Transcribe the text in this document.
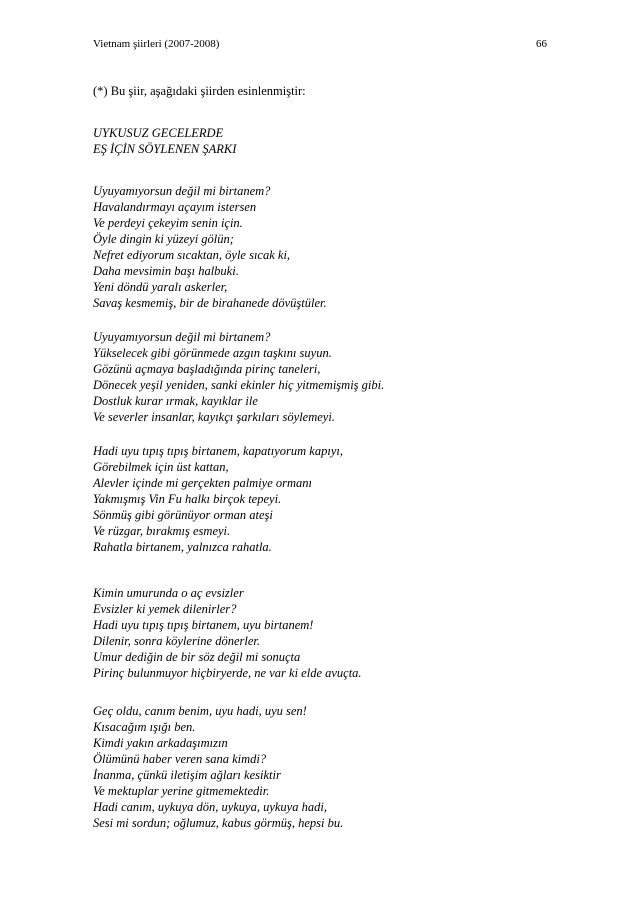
Vietnam şiirleri (2007-2008)	66
(*) Bu şiir, aşağıdaki şiirden esinlenmiştir:
UYKUSUZ GECELERDE
EŞ İÇİN SÖYLENEN ŞARKI
Uyuyamıyorsun değil mi birtanem?
Havalandırmayı açayım istersen
Ve perdeyi çekeyim senin için.
Öyle dingin ki yüzeyi gölün;
Nefret ediyorum sıcaktan, öyle sıcak ki,
Daha mevsimin başı halbuki.
Yeni döndü yaralı askerler,
Savaş kesmemiş, bir de birahanede dövüştüler.
Uyuyamıyorsun değil mi birtanem?
Yükselecek gibi görünmede azgın taşkını suyun.
Gözünü açmaya başladığında pirinç taneleri,
Dönecek yeşil yeniden, sanki ekinler hiç yitmemişmiş gibi.
Dostluk kurar ırmak, kayıklar ile
Ve severler insanlar, kayıkçı şarkıları söylemeyi.
Hadi uyu tıpış tıpış birtanem, kapatıyorum kapıyı,
Görebilmek için üst kattan,
Alevler içinde mi gerçekten palmiye ormanı
Yakmışmış Vin Fu halkı birçok tepeyi.
Sönmüş gibi görünüyor orman ateşi
Ve rüzgar, bırakmış esmeyi.
Rahatla birtanem, yalnızca rahatla.
Kimin umurunda o aç evsizler
Evsizler ki yemek dilenirler?
Hadi uyu tıpış tıpış birtanem, uyu birtanem!
Dilenir, sonra köylerine dönerler.
Umur dediğin de bir söz değil mi sonuçta
Pirinç bulunmuyor hiçbiryerde, ne var ki elde avuçta.
Geç oldu, canım benim, uyu hadi, uyu sen!
Kısacağım ışığı ben.
Kimdi yakın arkadaşımızın
Ölümünü haber veren sana kimdi?
İnanma, çünkü iletişim ağları kesiktir
Ve mektuplar yerine gitmemektedir.
Hadi canım, uykuya dön, uykuya, uykuya hadi,
Sesi mi sordun; oğlumuz, kabus görmüş, hepsi bu.
